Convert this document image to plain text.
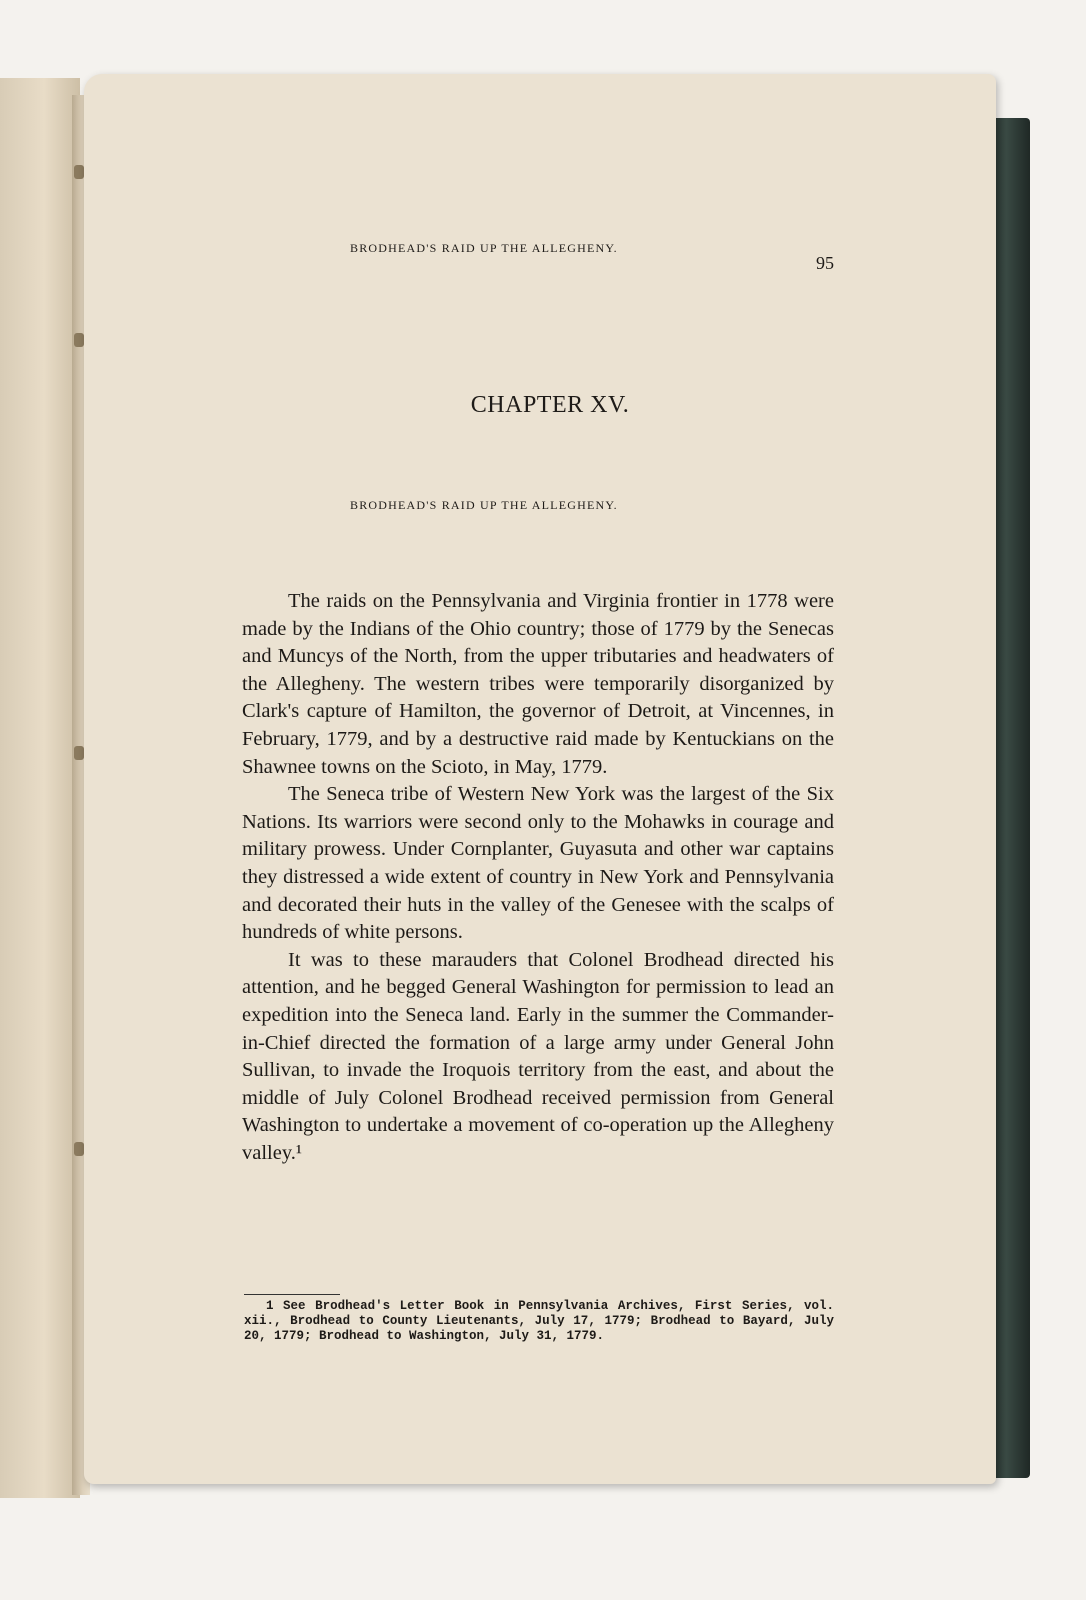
BRODHEAD'S RAID UP THE ALLEGHENY.
95
CHAPTER XV.
BRODHEAD'S RAID UP THE ALLEGHENY.

The raids on the Pennsylvania and Virginia frontier in 1778 were made by the Indians of the Ohio country; those of 1779 by the Senecas and Muncys of the North, from the upper tributaries and headwaters of the Allegheny. The western tribes were temporarily disorganized by Clark's capture of Hamilton, the governor of Detroit, at Vincennes, in February, 1779, and by a destructive raid made by Kentuckians on the Shawnee towns on the Scioto, in May, 1779.

The Seneca tribe of Western New York was the largest of the Six Nations. Its warriors were second only to the Mohawks in courage and military prowess. Under Cornplanter, Guyasuta and other war captains they distressed a wide extent of country in New York and Pennsylvania and decorated their huts in the valley of the Genesee with the scalps of hundreds of white persons.

It was to these marauders that Colonel Brodhead directed his attention, and he begged General Washington for permission to lead an expedition into the Seneca land. Early in the summer the Commander-in-Chief directed the formation of a large army under General John Sullivan, to invade the Iroquois territory from the east, and about the middle of July Colonel Brodhead received permission from General Washington to undertake a movement of co-operation up the Allegheny valley.¹

1 See Brodhead's Letter Book in Pennsylvania Archives, First Series, vol. xii., Brodhead to County Lieutenants, July 17, 1779; Brodhead to Bayard, July 20, 1779; Brodhead to Washington, July 31, 1779.
